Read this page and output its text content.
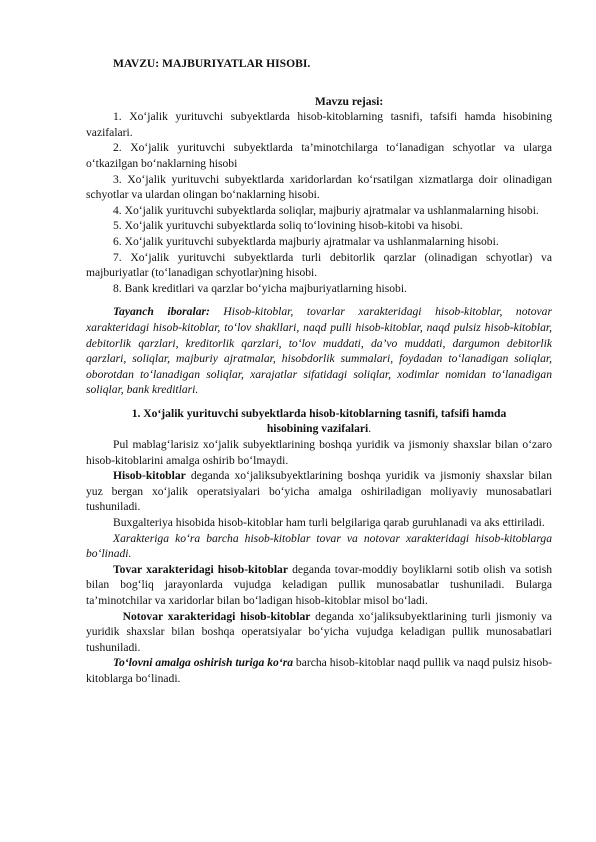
MAVZU: MAJBURIYATLAR HISOBI.
Mavzu rejasi:

1. Xo‘jalik yurituvchi subyektlarda hisob-kitoblarning tasnifi, tafsifi hamda hisobining vazifalari.

2. Xo‘jalik yurituvchi subyektlarda ta’minotchilarga to‘lanadigan schyotlar va ularga o‘tkazilgan bo‘naklarning hisobi

3. Xo‘jalik yurituvchi subyektlarda xaridorlardan ko‘rsatilgan xizmatlarga doir olinadigan schyotlar va ulardan olingan bo‘naklarning hisobi.

4. Xo‘jalik yurituvchi subyektlarda soliqlar, majburiy ajratmalar va ushlanmalarning hisobi.

5. Xo‘jalik yurituvchi subyektlarda soliq to‘lovining hisob-kitobi va hisobi.

6. Xo‘jalik yurituvchi subyektlarda majburiy ajratmalar va ushlanmalarning hisobi.

7. Xo‘jalik yurituvchi subyektlarda turli debitorlik qarzlar (olinadigan schyotlar) va majburiyatlar (to‘lanadigan schyotlar)ning hisobi.

8. Bank kreditlari va qarzlar bo‘yicha majburiyatlarning hisobi.

Tayanch iboralar: Hisob-kitoblar, tovarlar xarakteridagi hisob-kitoblar, notovar xarakteridagi hisob-kitoblar, to‘lov shakllari, naqd pulli hisob-kitoblar, naqd pulsiz hisob-kitoblar, debitorlik qarzlari, kreditorlik qarzlari, to‘lov muddati, da’vo muddati, dargumon debitorlik qarzlari, soliqlar, majburiy ajratmalar, hisobdorlik summalari, foydadan to‘lanadigan soliqlar, oborotdan to‘lanadigan soliqlar, xarajatlar sifatidagi soliqlar, xodimlar nomidan to‘lanadigan soliqlar, bank kreditlari.

1. Xo‘jalik yurituvchi subyektlarda hisob-kitoblarning tasnifi, tafsifi hamda
hisobining vazifalari.

Pul mablag‘larisiz xo‘jalik subyektlarining boshqa yuridik va jismoniy shaxslar bilan o‘zaro hisob-kitoblarini amalga oshirib bo‘lmaydi.

Hisob-kitoblar deganda xo‘jaliksubyektlarining boshqa yuridik va jismoniy shaxslar bilan yuz bergan xo‘jalik operatsiyalari bo‘yicha amalga oshiriladigan moliyaviy munosabatlari tushuniladi.

Buxgalteriya hisobida hisob-kitoblar ham turli belgilariga qarab guruhlanadi va aks ettiriladi.

Xarakteriga ko‘ra barcha hisob-kitoblar tovar va notovar xarakteridagi hisob-kitoblarga bo‘linadi.

Tovar xarakteridagi hisob-kitoblar deganda tovar-moddiy boyliklarni sotib olish va sotish bilan bog‘liq jarayonlarda vujudga keladigan pullik munosabatlar tushuniladi. Bularga ta’minotchilar va xaridorlar bilan bo‘ladigan hisob-kitoblar misol bo‘ladi.

Notovar xarakteridagi hisob-kitoblar deganda xo‘jaliksubyektlarining turli jismoniy va yuridik shaxslar bilan boshqa operatsiyalar bo‘yicha vujudga keladigan pullik munosabatlari tushuniladi.

To‘lovni amalga oshirish turiga ko‘ra barcha hisob-kitoblar naqd pullik va naqd pulsiz hisob-kitoblarga bo‘linadi.
